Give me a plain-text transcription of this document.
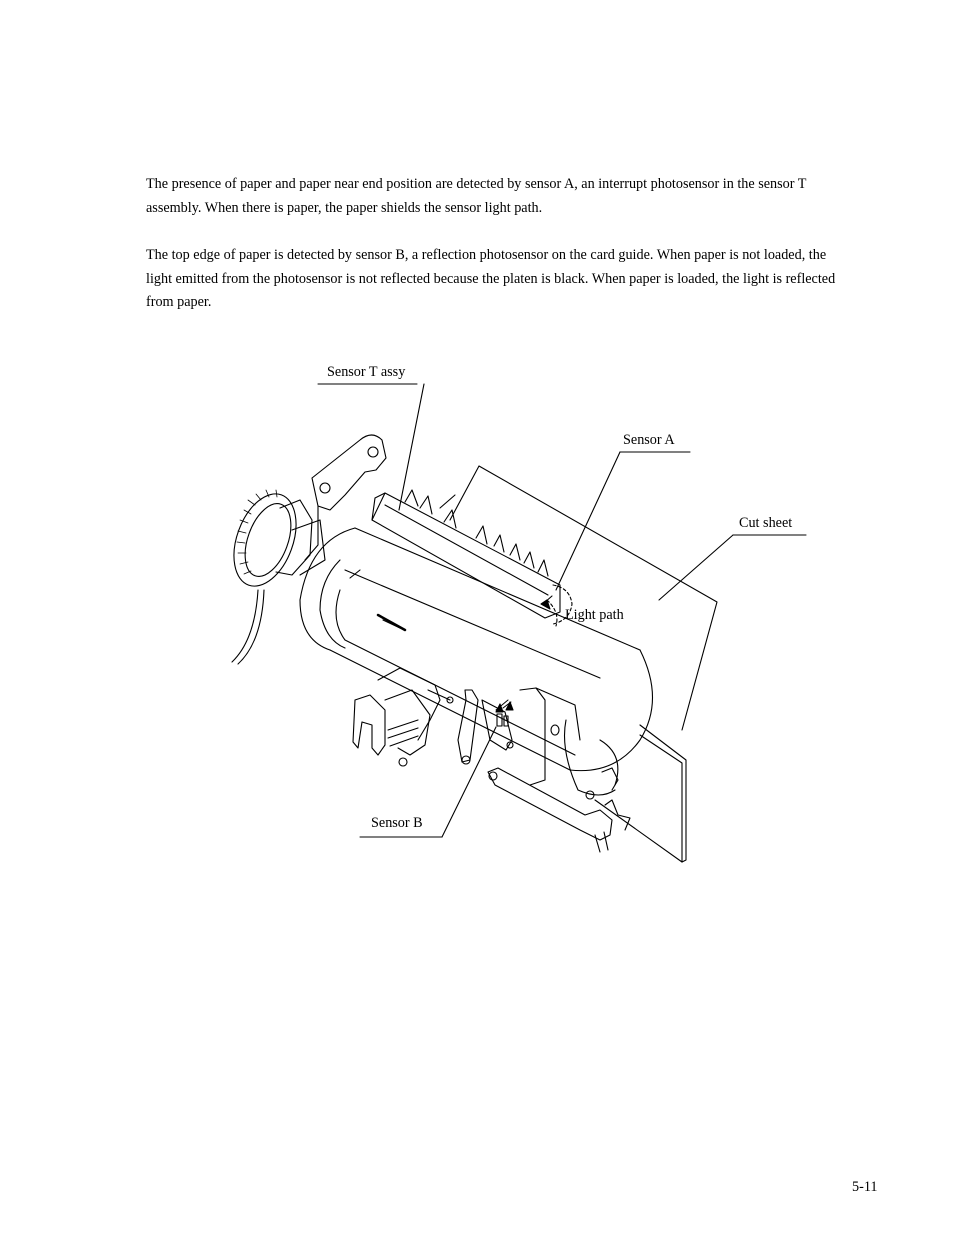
The presence of paper and paper near end position are detected by sensor A, an interrupt photosensor in the sensor T assembly. When there is paper, the paper shields the sensor light path.

The top edge of paper is detected by sensor B, a reflection photosensor on the card guide. When paper is not loaded, the light emitted from the photosensor is not reflected because the platen is black. When paper is loaded, the light is reflected from paper.

Sensor T assy
Sensor A
Cut sheet
Light path
Sensor B
5-11
